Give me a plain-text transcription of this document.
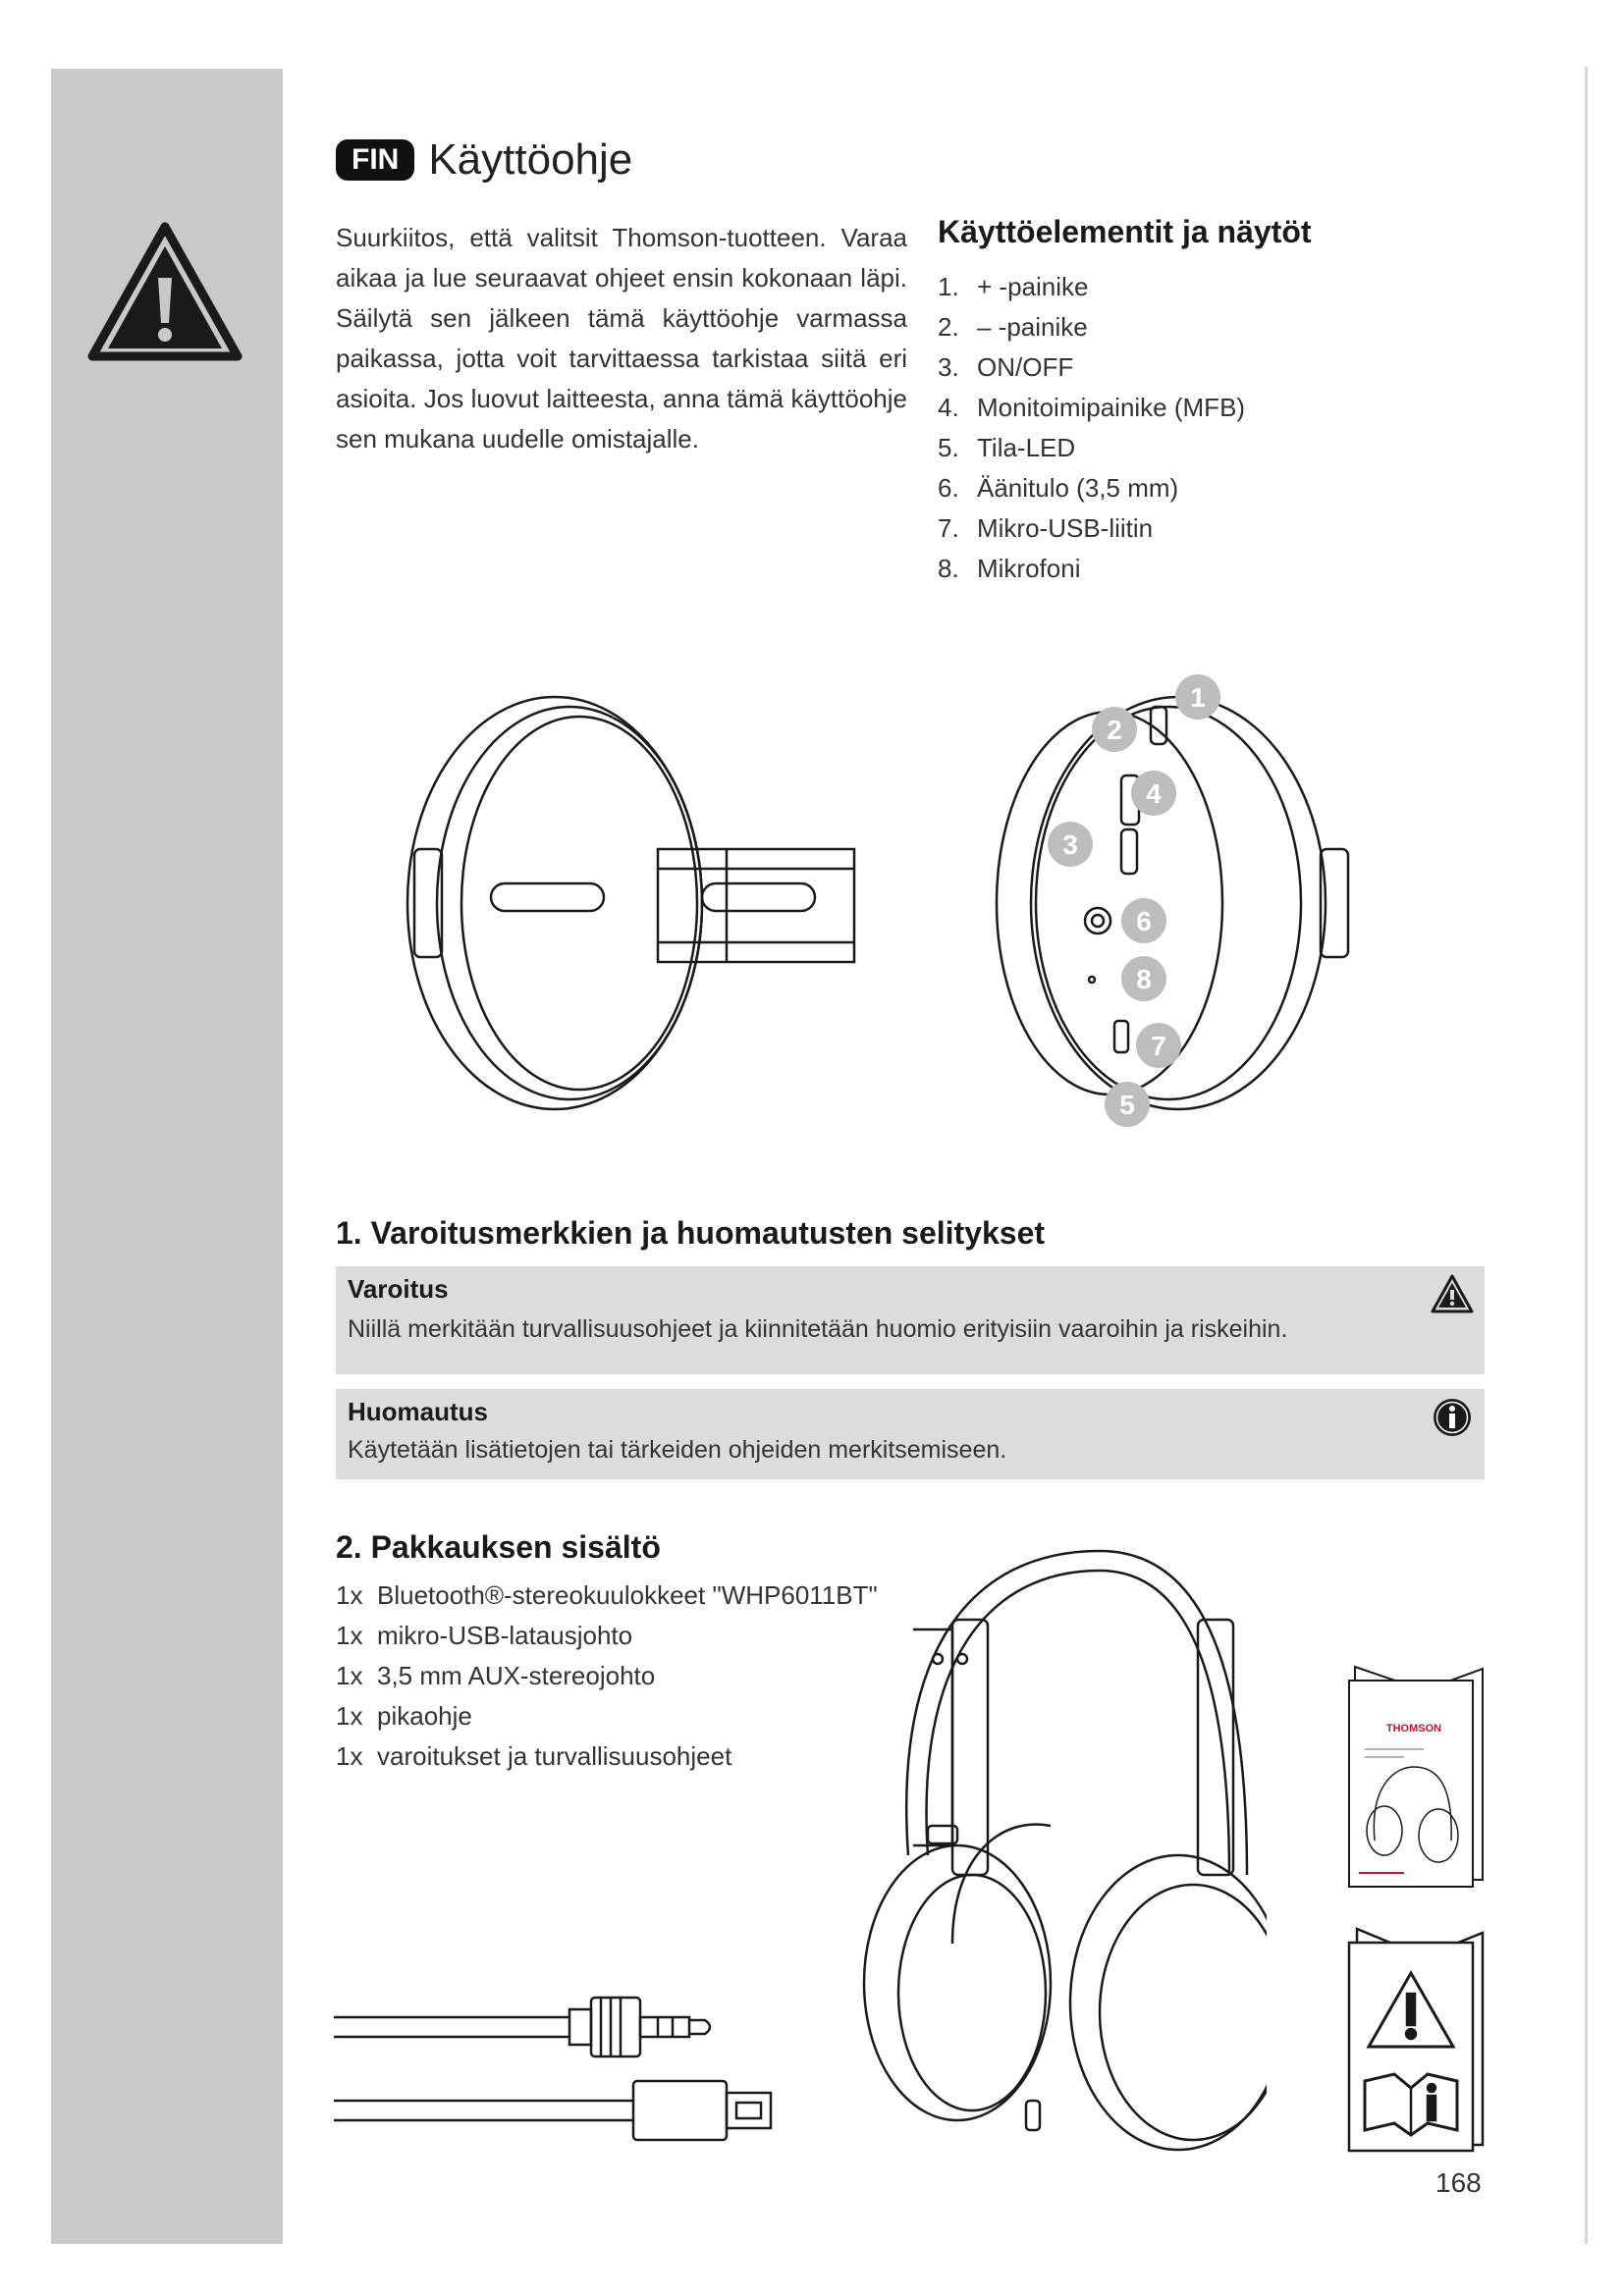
FIN Käyttöohje

Suurkiitos, että valitsit Thomson-tuotteen. Varaa aikaa ja lue seuraavat ohjeet ensin kokonaan läpi. Säilytä sen jälkeen tämä käyttöohje varmassa paikassa, jotta voit tarvittaessa tarkistaa siitä eri asioita. Jos luovut laitteesta, anna tämä käyttöohje sen mukana uudelle omistajalle.

Käyttöelementit ja näytöt
1. + -painike
2. – -painike
3. ON/OFF
4. Monitoimipainike (MFB)
5. Tila-LED
6. Äänitulo (3,5 mm)
7. Mikro-USB-liitin
8. Mikrofoni
1
2
3
4
5
6
8
7
1. Varoitusmerkkien ja huomautusten selitykset
Varoitus
Niillä merkitään turvallisuusohjeet ja kiinnitetään huomio erityisiin vaaroihin ja riskeihin.
Huomautus
Käytetään lisätietojen tai tärkeiden ohjeiden merkitsemiseen.
2. Pakkauksen sisältö
1x Bluetooth®-stereokuulokkeet "WHP6011BT"
1x mikro-USB-latausjohto
1x 3,5 mm AUX-stereojohto
1x pikaohje
1x varoitukset ja turvallisuusohjeet
THOMSON
168
